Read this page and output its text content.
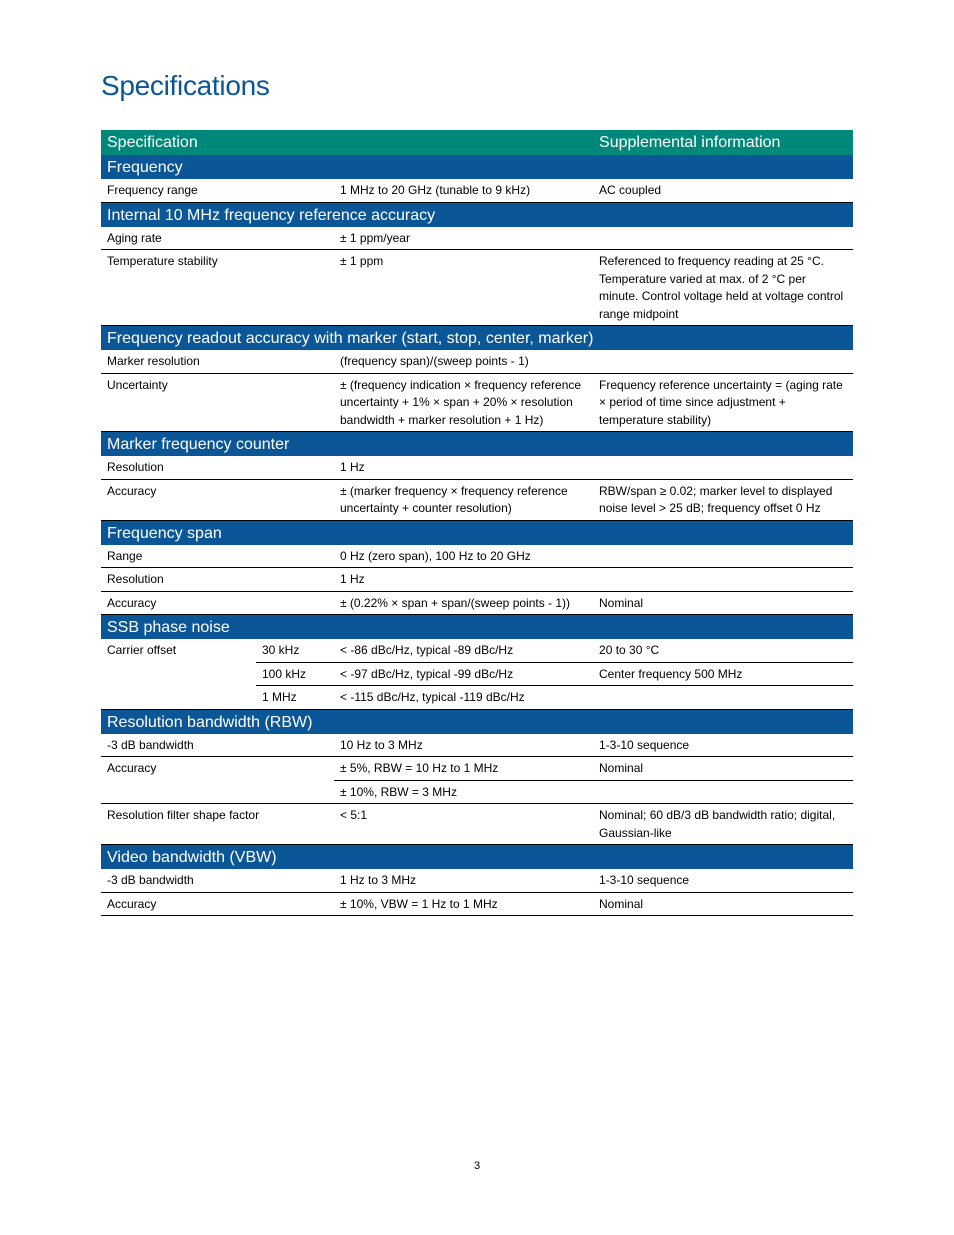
Specifications
Specification			Supplemental information
Frequency			
Frequency range		1 MHz to 20 GHz (tunable to 9 kHz)	AC coupled
Internal 10 MHz frequency reference accuracy			
Aging rate		± 1 ppm/year	
Temperature stability		± 1 ppm	Referenced to frequency reading at 25 °C. Temperature varied at max. of 2 °C per minute. Control voltage held at voltage control range midpoint
Frequency readout accuracy with marker (start, stop, center, marker)			
Marker resolution		(frequency span)/(sweep points - 1)	
Uncertainty		± (frequency indication × frequency reference uncertainty + 1% × span + 20% × resolution bandwidth + marker resolution + 1 Hz)	Frequency reference uncertainty = (aging rate × period of time since adjustment + temperature stability)
Marker frequency counter			
Resolution		1 Hz	
Accuracy		± (marker frequency × frequency reference uncertainty + counter resolution)	RBW/span ≥ 0.02; marker level to displayed noise level > 25 dB; frequency offset 0 Hz
Frequency span			
Range		0 Hz (zero span), 100 Hz to 20 GHz	
Resolution		1 Hz	
Accuracy		± (0.22% × span + span/(sweep points - 1))	Nominal
SSB phase noise			
Carrier offset	30 kHz	< -86 dBc/Hz, typical -89 dBc/Hz	20 to 30 °C
	100 kHz	< -97 dBc/Hz, typical -99 dBc/Hz	Center frequency 500 MHz
	1 MHz	< -115 dBc/Hz, typical -119 dBc/Hz	
Resolution bandwidth (RBW)			
-3 dB bandwidth		10 Hz to 3 MHz	1-3-10 sequence
Accuracy		± 5%, RBW = 10 Hz to 1 MHz	Nominal
		± 10%, RBW = 3 MHz	
Resolution filter shape factor		< 5:1	Nominal; 60 dB/3 dB bandwidth ratio; digital, Gaussian-like
Video bandwidth (VBW)			
-3 dB bandwidth		1 Hz to 3 MHz	1-3-10 sequence
Accuracy		± 10%, VBW = 1 Hz to 1 MHz	Nominal
3
